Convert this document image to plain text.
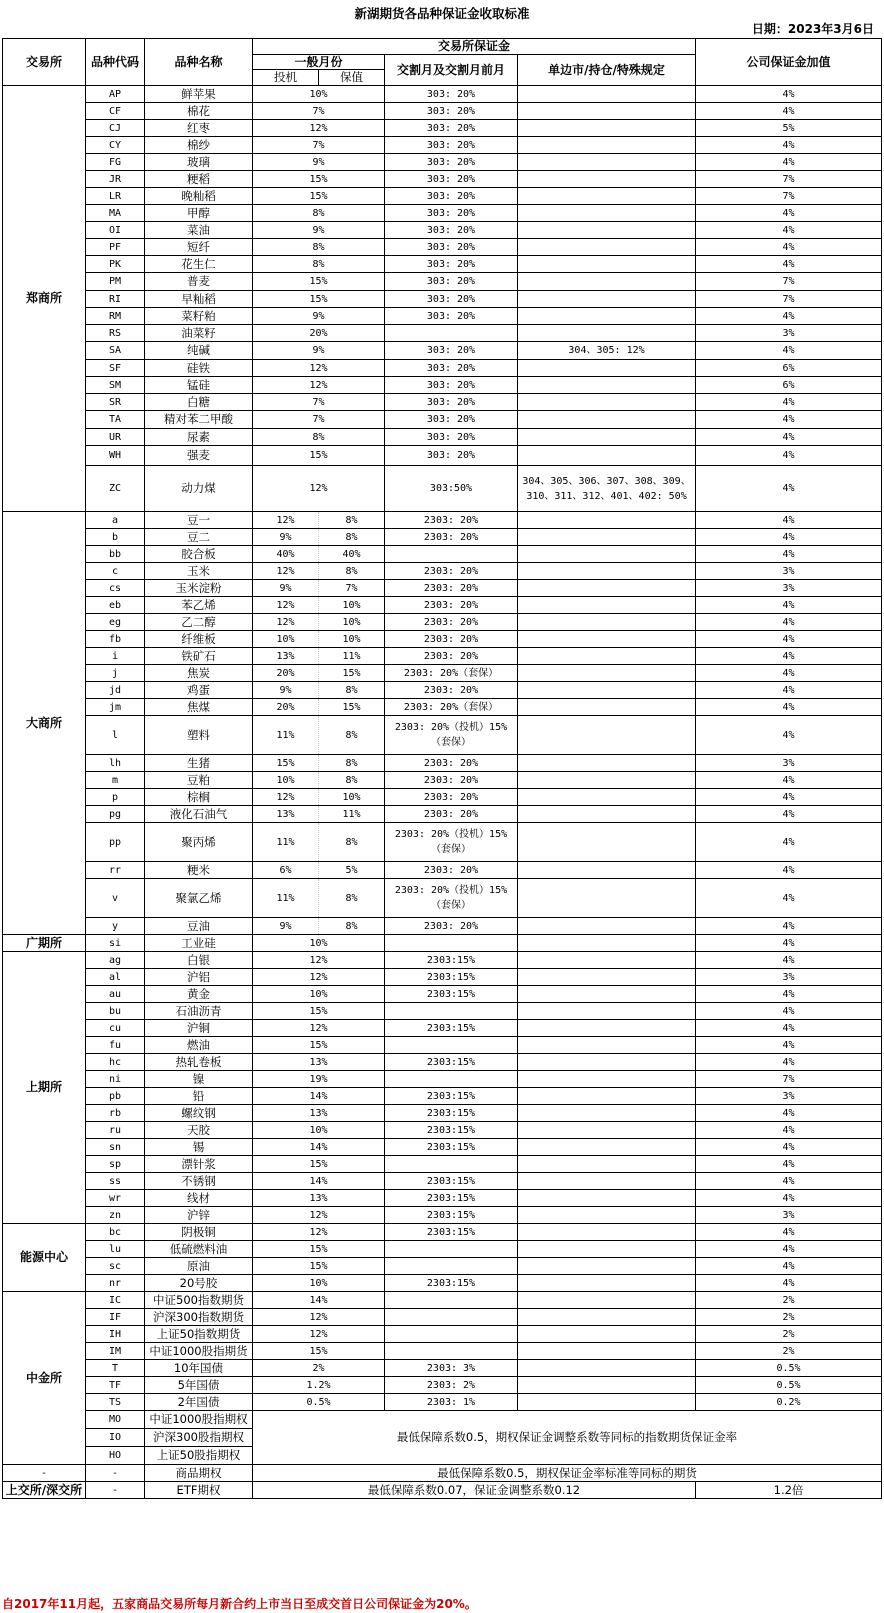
新湖期货各品种保证金收取标准
日期：2023年3月6日
交易所	品种代码	品种名称	交易所保证金				公司保证金加值
			一般月份		交割月及交割月前月	单边市/持仓/特殊规定	
			投机	保值			
郑商所	AP	鲜苹果	10%		303: 20%		4%
	CF	棉花	7%		303: 20%		4%
	CJ	红枣	12%		303: 20%		5%
	CY	棉纱	7%		303: 20%		4%
	FG	玻璃	9%		303: 20%		4%
	JR	粳稻	15%		303: 20%		7%
	LR	晚籼稻	15%		303: 20%		7%
	MA	甲醇	8%		303: 20%		4%
	OI	菜油	9%		303: 20%		4%
	PF	短纤	8%		303: 20%		4%
	PK	花生仁	8%		303: 20%		4%
	PM	普麦	15%		303: 20%		7%
	RI	早籼稻	15%		303: 20%		7%
	RM	菜籽粕	9%		303: 20%		4%
	RS	油菜籽	20%				3%
	SA	纯碱	9%		303: 20%	304、305: 12%	4%
	SF	硅铁	12%		303: 20%		6%
	SM	锰硅	12%		303: 20%		6%
	SR	白糖	7%		303: 20%		4%
	TA	精对苯二甲酸	7%		303: 20%		4%
	UR	尿素	8%		303: 20%		4%
	WH	强麦	15%		303: 20%		4%
	ZC	动力煤	12%		303:50%	304、305、306、307、308、309、310、311、312、401、402: 50%	4%
大商所	a	豆一	12%	8%	2303: 20%		4%
	b	豆二	9%	8%	2303: 20%		4%
	bb	胶合板	40%	40%			4%
	c	玉米	12%	8%	2303: 20%		3%
	cs	玉米淀粉	9%	7%	2303: 20%		3%
	eb	苯乙烯	12%	10%	2303: 20%		4%
	eg	乙二醇	12%	10%	2303: 20%		4%
	fb	纤维板	10%	10%	2303: 20%		4%
	i	铁矿石	13%	11%	2303: 20%		4%
	j	焦炭	20%	15%	2303: 20%（套保）		4%
	jd	鸡蛋	9%	8%	2303: 20%		4%
	jm	焦煤	20%	15%	2303: 20%（套保）		4%
	l	塑料	11%	8%	2303: 20%（投机）15%（套保）		4%
	lh	生猪	15%	8%	2303: 20%		3%
	m	豆粕	10%	8%	2303: 20%		4%
	p	棕榈	12%	10%	2303: 20%		4%
	pg	液化石油气	13%	11%	2303: 20%		4%
	pp	聚丙烯	11%	8%	2303: 20%（投机）15%（套保）		4%
	rr	粳米	6%	5%	2303: 20%		4%
	v	聚氯乙烯	11%	8%	2303: 20%（投机）15%（套保）		4%
	y	豆油	9%	8%	2303: 20%		4%
广期所	si	工业硅	10%				4%
上期所	ag	白银	12%		2303:15%		4%
	al	沪铝	12%		2303:15%		3%
	au	黄金	10%		2303:15%		4%
	bu	石油沥青	15%				4%
	cu	沪铜	12%		2303:15%		4%
	fu	燃油	15%				4%
	hc	热轧卷板	13%		2303:15%		4%
	ni	镍	19%				7%
	pb	铅	14%		2303:15%		3%
	rb	螺纹钢	13%		2303:15%		4%
	ru	天胶	10%		2303:15%		4%
	sn	锡	14%		2303:15%		4%
	sp	漂针浆	15%				4%
	ss	不锈钢	14%		2303:15%		4%
	wr	线材	13%		2303:15%		4%
	zn	沪锌	12%		2303:15%		3%
能源中心	bc	阴极铜	12%		2303:15%		4%
	lu	低硫燃料油	15%				4%
	sc	原油	15%				4%
	nr	20号胶	10%		2303:15%		4%
中金所	IC	中证500指数期货	14%				2%
	IF	沪深300指数期货	12%				2%
	IH	上证50指数期货	12%				2%
	IM	中证1000股指期货	15%				2%
	T	10年国债	2%		2303: 3%		0.5%
	TF	5年国债	1.2%		2303: 2%		0.5%
	TS	2年国债	0.5%		2303: 1%		0.2%
	MO	中证1000股指期权	最低保障系数0.5，期权保证金调整系数等同标的指数期货保证金率				
	IO	沪深300股指期权					
	HO	上证50股指期权					
-	-	商品期权	最低保障系数0.5，期权保证金率标准等同标的期货				
上交所/深交所	-	ETF期权	最低保障系数0.07，保证金调整系数0.12				1.2倍
自2017年11月起，五家商品交易所每月新合约上市当日至成交首日公司保证金为20%。
